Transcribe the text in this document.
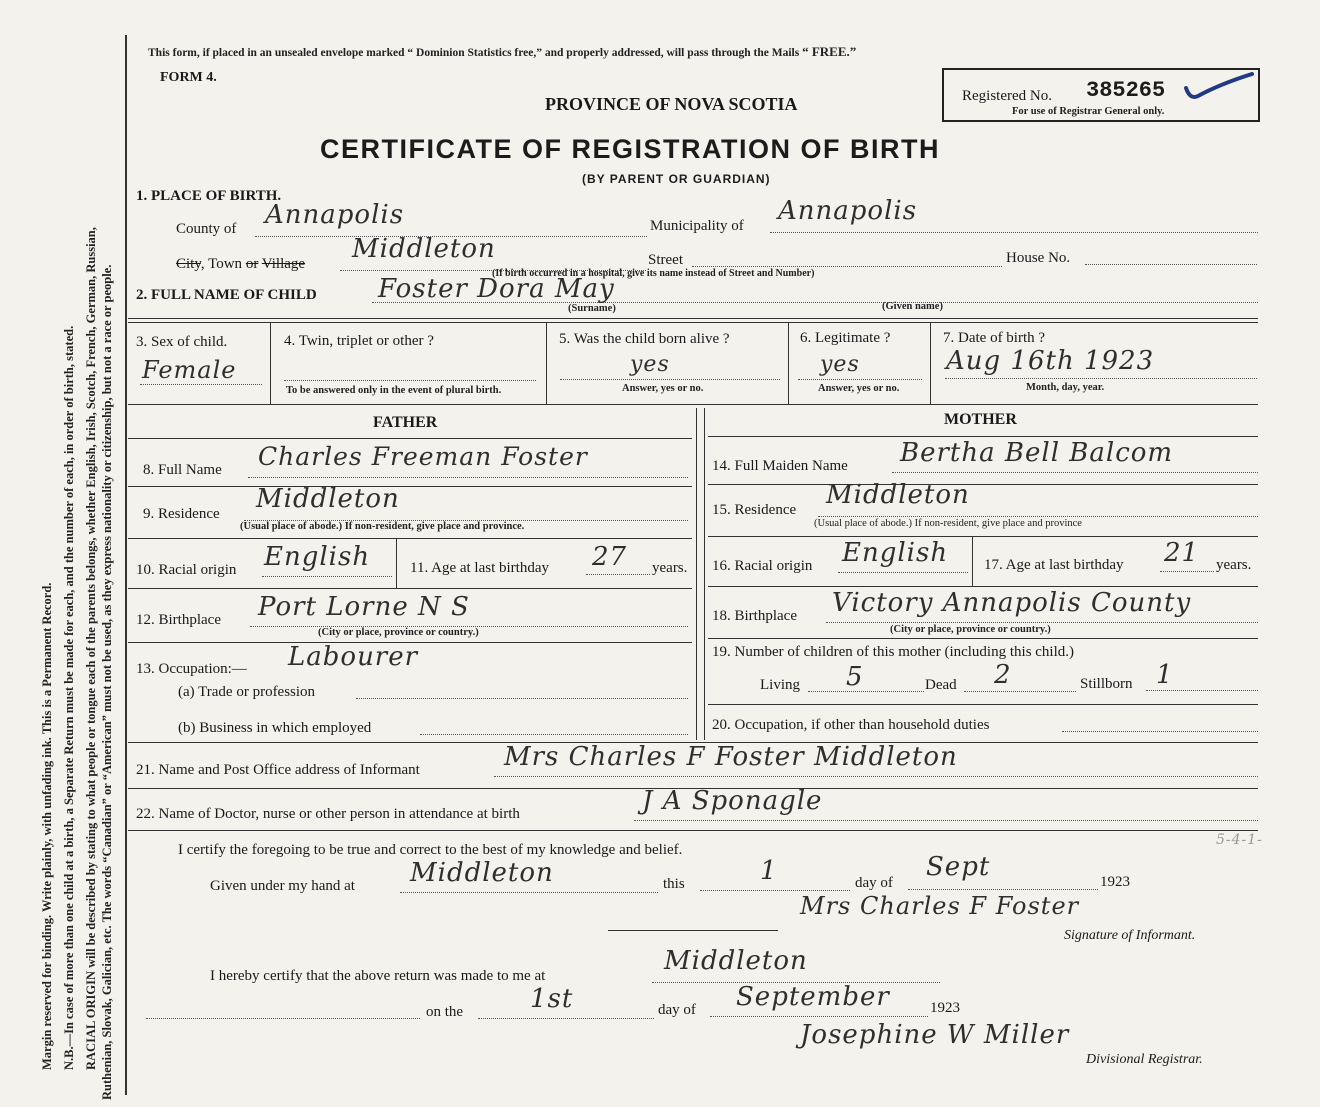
Margin reserved for binding. Write plainly, with unfading ink. This is a Permanent Record. N.B.—In case of more than one child at a birth, a Separate Return must be made for each, and the number of each, in order of birth, stated. RACIAL ORIGIN will be described by stating to what people or tongue each of the parents belongs, whether English, Irish, Scotch, French, German, Russian, Ruthenian, Slovak, Galician, etc. The words “Canadian” or “American” must not be used, as they express nationality or citizenship, but not a race or people.
This form, if placed in an unsealed envelope marked “ Dominion Statistics free,” and properly addressed, will pass through the Mails “ FREE.”
FORM 4.
PROVINCE OF NOVA SCOTIA
CERTIFICATE OF REGISTRATION OF BIRTH
(BY PARENT OR GUARDIAN)
Registered No. 385265
For use of Registrar General only.
1. PLACE OF BIRTH.
County of Annapolis	Municipality of Annapolis
City, Town or Village Middleton	Street	House No.
(If birth occurred in a hospital, give its name instead of Street and Number)
2. FULL NAME OF CHILD Foster Dora May
(Surname)	(Given name)
3. Sex of child.
Female
4. Twin, triplet or other ?
To be answered only in the event of plural birth.
5. Was the child born alive ?
yes
Answer, yes or no.
6. Legitimate ?
yes
Answer, yes or no.
7. Date of birth ?
Aug 16th 1923
Month, day, year.
FATHER	MOTHER
8. Full Name Charles Freeman Foster
9. Residence Middleton
(Usual place of abode.) If non-resident, give place and province.
10. Racial origin English	11. Age at last birthday 27 years.
12. Birthplace Port Lorne N S
(City or place, province or country.)
13. Occupation:— Labourer
(a) Trade or profession
(b) Business in which employed
14. Full Maiden Name Bertha Bell Balcom
15. Residence Middleton
(Usual place of abode.) If non-resident, give place and province
16. Racial origin English 17. Age at last birthday 21 years.
18. Birthplace Victory Annapolis County
(City or place, province or country.)
19. Number of children of this mother (including this child.)
Living 5	Dead 2	Stillborn 1
20. Occupation, if other than household duties
21. Name and Post Office address of Informant	Mrs Charles F Foster Middleton
22. Name of Doctor, nurse or other person in attendance at birth	J A Sponagle
I certify the foregoing to be true and correct to the best of my knowledge and belief.
Given under my hand at Middleton	this	1	day of
Sept	1923
Mrs Charles F Foster
Signature of Informant.
I hereby certify that the above return was made to me at	Middleton
on the	1st	day of September	1923
Josephine W Miller
Divisional Registrar.
5-4-1-
